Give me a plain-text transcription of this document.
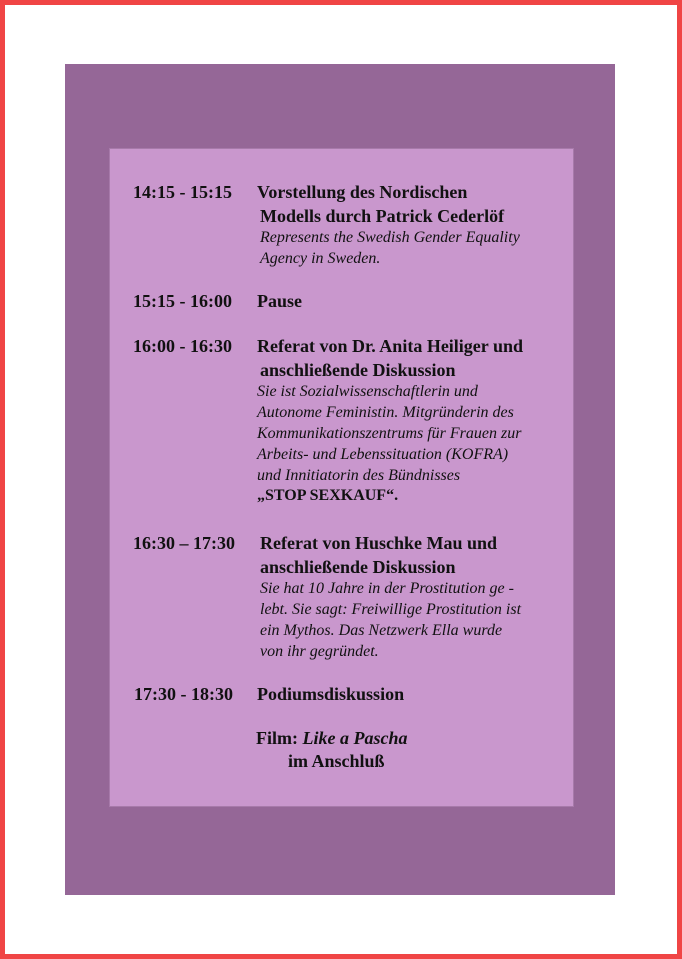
14:15 - 15:15 Vorstellung des Nordischen
Modells durch Patrick Cederlöf
Represents the Swedish Gender Equality
Agency in Sweden.
15:15 - 16:00 Pause
16:00 - 16:30 Referat von Dr. Anita Heiliger und
anschließende Diskussion
Sie ist Sozialwissenschaftlerin und
Autonome Feministin. Mitgründerin des
Kommunikationszentrums für Frauen zur
Arbeits- und Lebenssituation (KOFRA)
und Innitiatorin des Bündnisses
„STOP SEXKAUF“.
16:30 – 17:30 Referat von Huschke Mau und
anschließende Diskussion
Sie hat 10 Jahre in der Prostitution ge -
lebt. Sie sagt: Freiwillige Prostitution ist
ein Mythos. Das Netzwerk Ella wurde
von ihr gegründet.
17:30 - 18:30 Podiumsdiskussion
Film: Like a Pascha
im Anschluß
